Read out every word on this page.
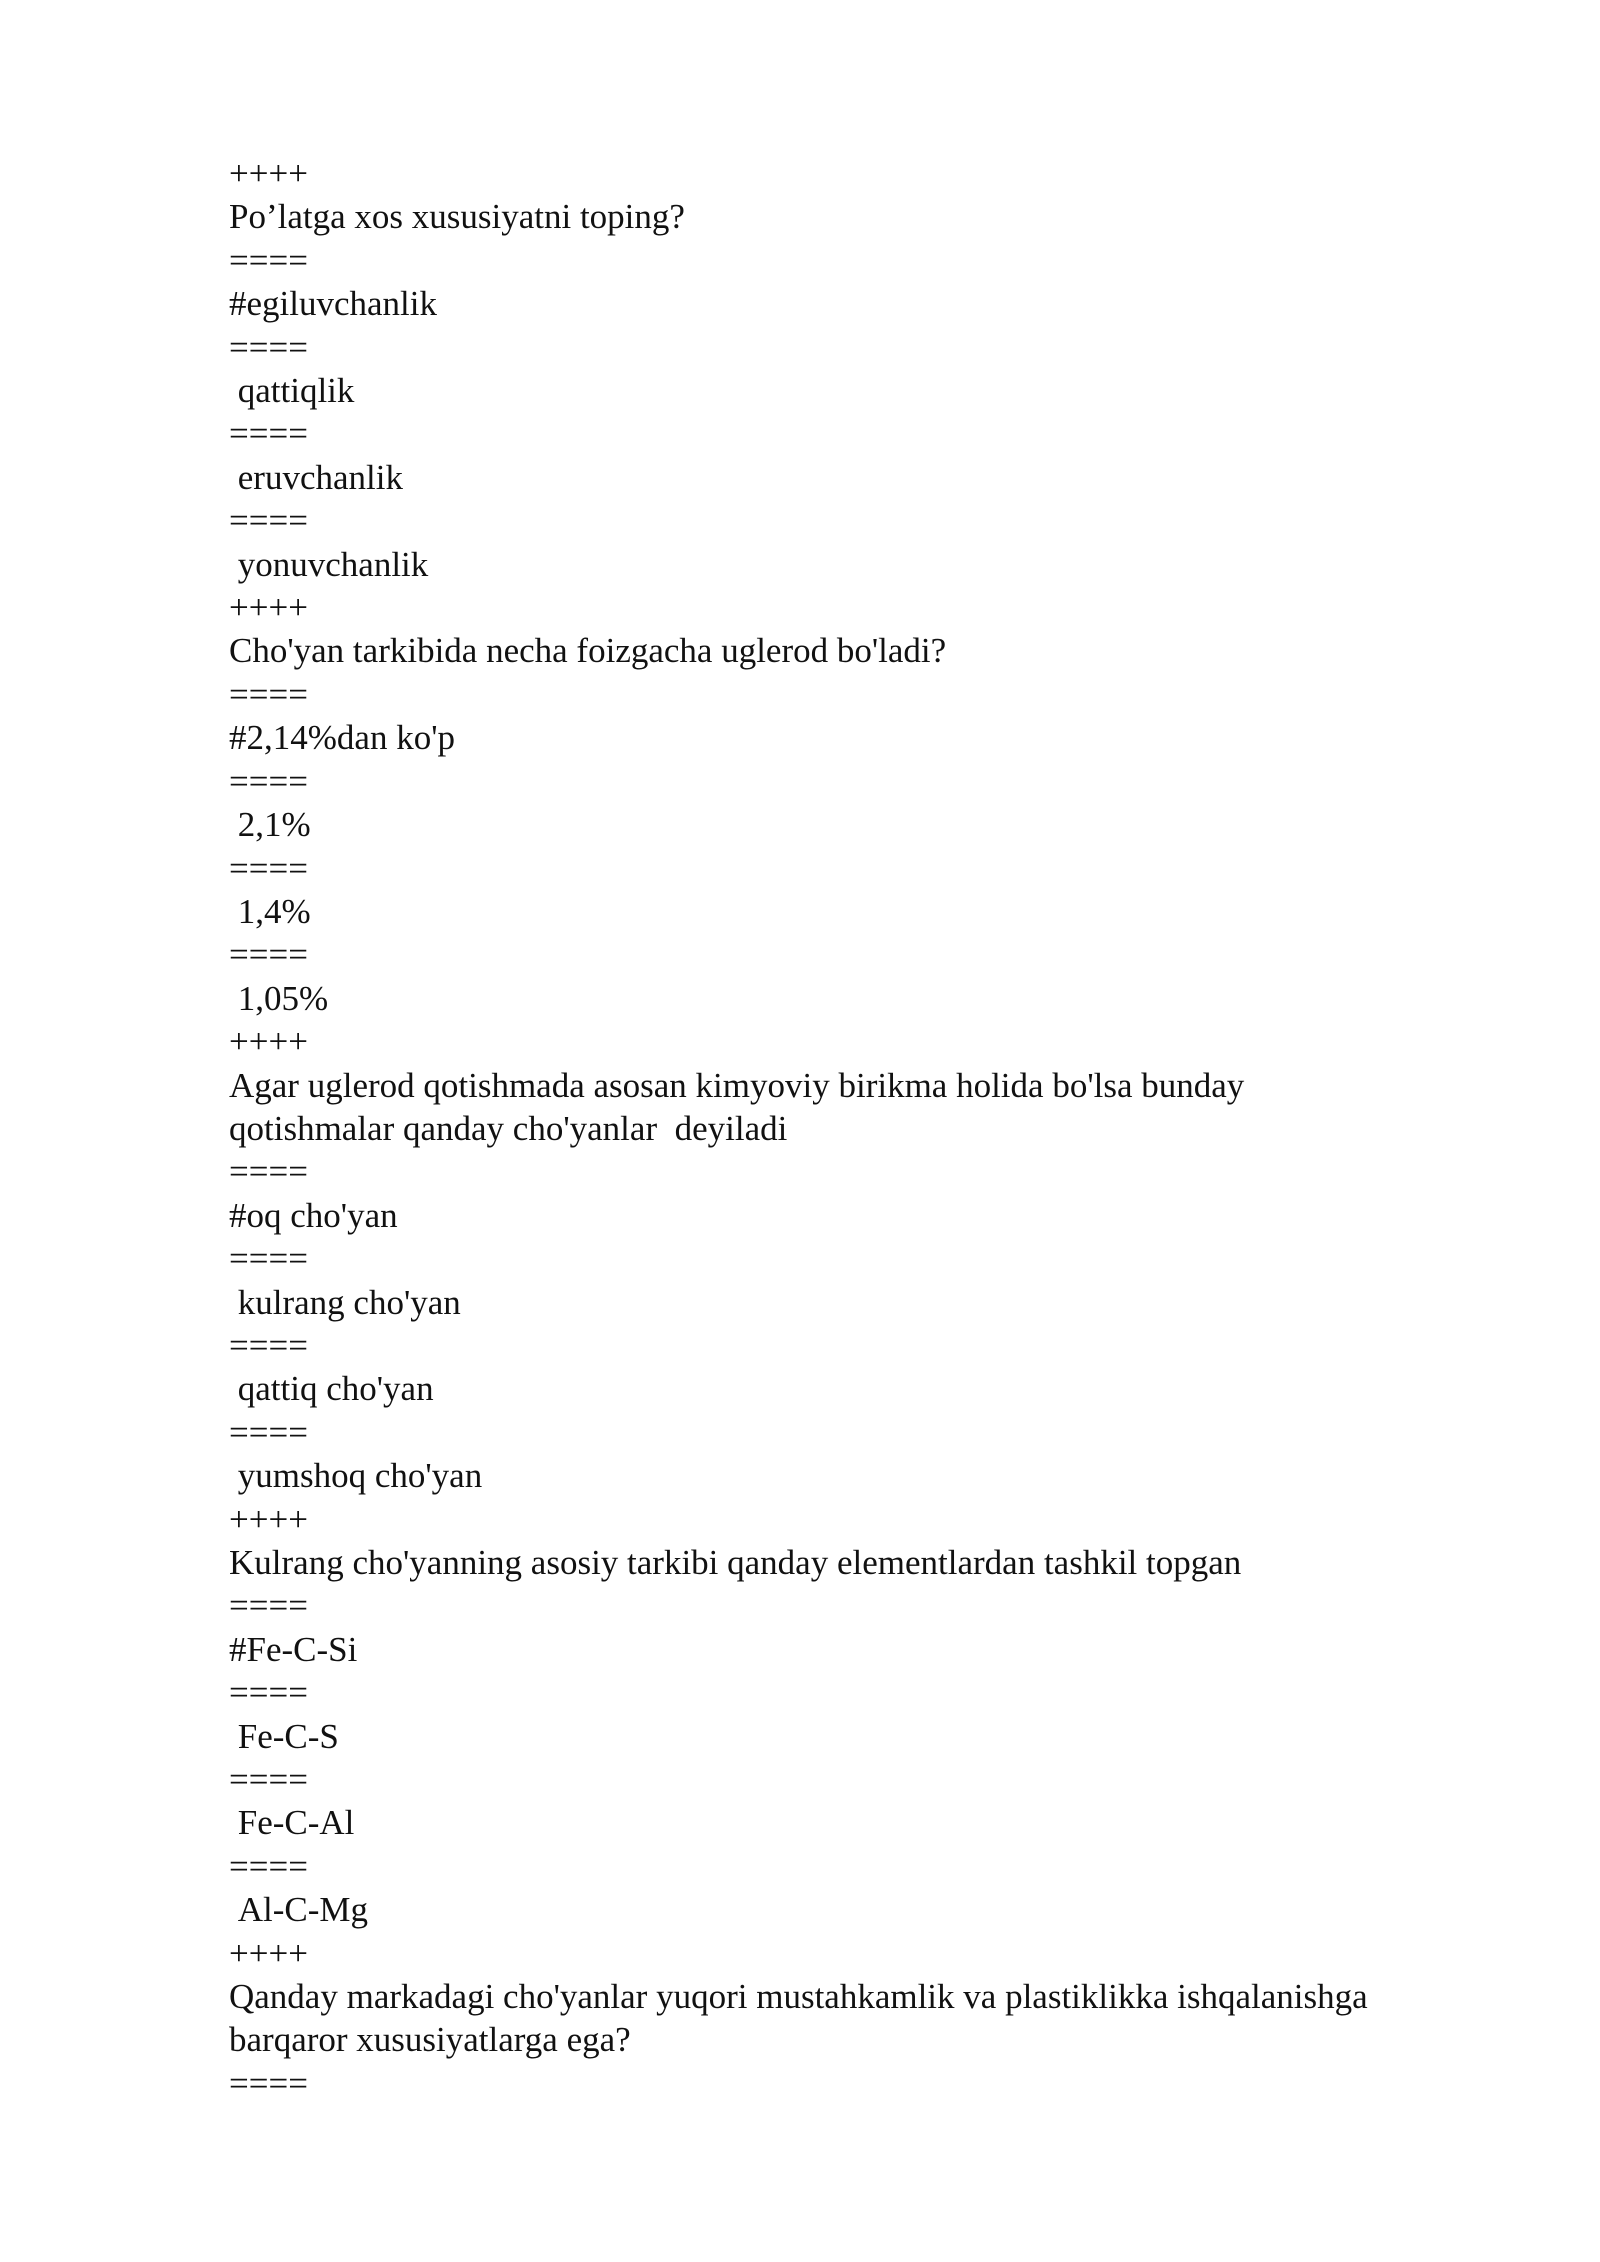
++++
Po’latga xos xususiyatni toping?
====
#egiluvchanlik
====
qattiqlik
====
eruvchanlik
====
yonuvchanlik
++++
Cho'yan tarkibida necha foizgacha uglerod bo'ladi?
====
#2,14%dan ko'p
====
2,1%
====
1,4%
====
1,05%
++++
Agar uglerod qotishmada asosan kimyoviy birikma holida bo'lsa bunday
qotishmalar qanday cho'yanlar  deyiladi
====
#oq cho'yan
====
kulrang cho'yan
====
qattiq cho'yan
====
yumshoq cho'yan
++++
Kulrang cho'yanning asosiy tarkibi qanday elementlardan tashkil topgan
====
#Fe-C-Si
====
Fe-C-S
====
Fe-C-Al
====
Al-C-Mg
++++
Qanday markadagi cho'yanlar yuqori mustahkamlik va plastiklikka ishqalanishga
barqaror xususiyatlarga ega?
====
